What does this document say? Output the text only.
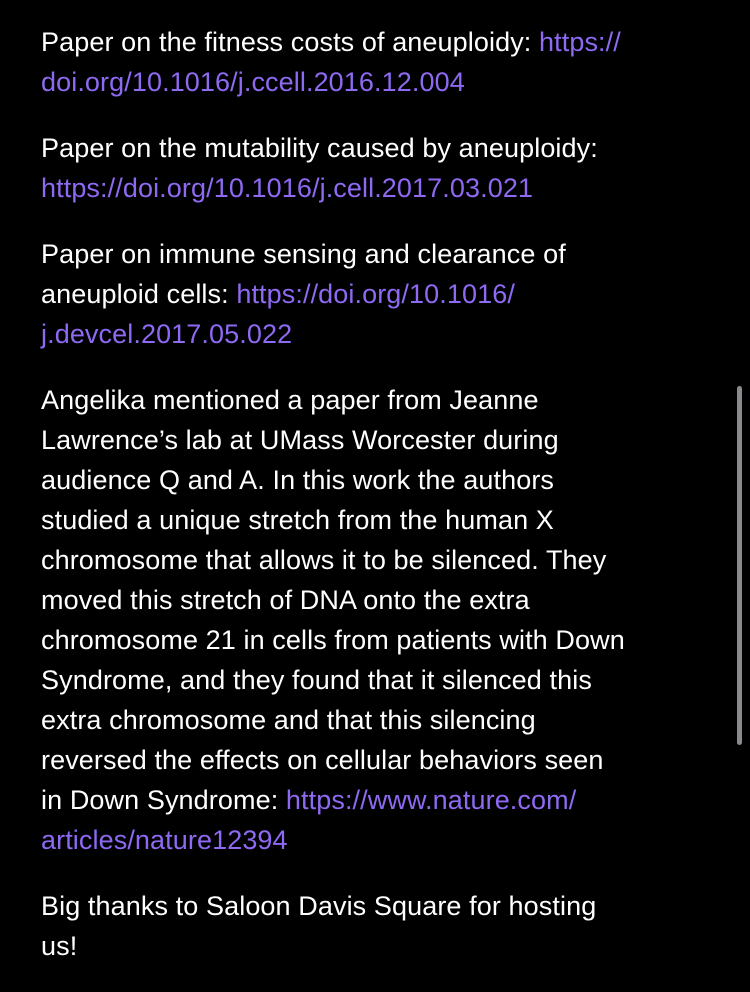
Paper on the fitness costs of aneuploidy: https://
doi.org/10.1016/j.ccell.2016.12.004
Paper on the mutability caused by aneuploidy:
https://doi.org/10.1016/j.cell.2017.03.021
Paper on immune sensing and clearance of
aneuploid cells: https://doi.org/10.1016/
j.devcel.2017.05.022
Angelika mentioned a paper from Jeanne
Lawrence’s lab at UMass Worcester during
audience Q and A. In this work the authors
studied a unique stretch from the human X
chromosome that allows it to be silenced. They
moved this stretch of DNA onto the extra
chromosome 21 in cells from patients with Down
Syndrome, and they found that it silenced this
extra chromosome and that this silencing
reversed the effects on cellular behaviors seen
in Down Syndrome: https://www.nature.com/
articles/nature12394
Big thanks to Saloon Davis Square for hosting
us!
